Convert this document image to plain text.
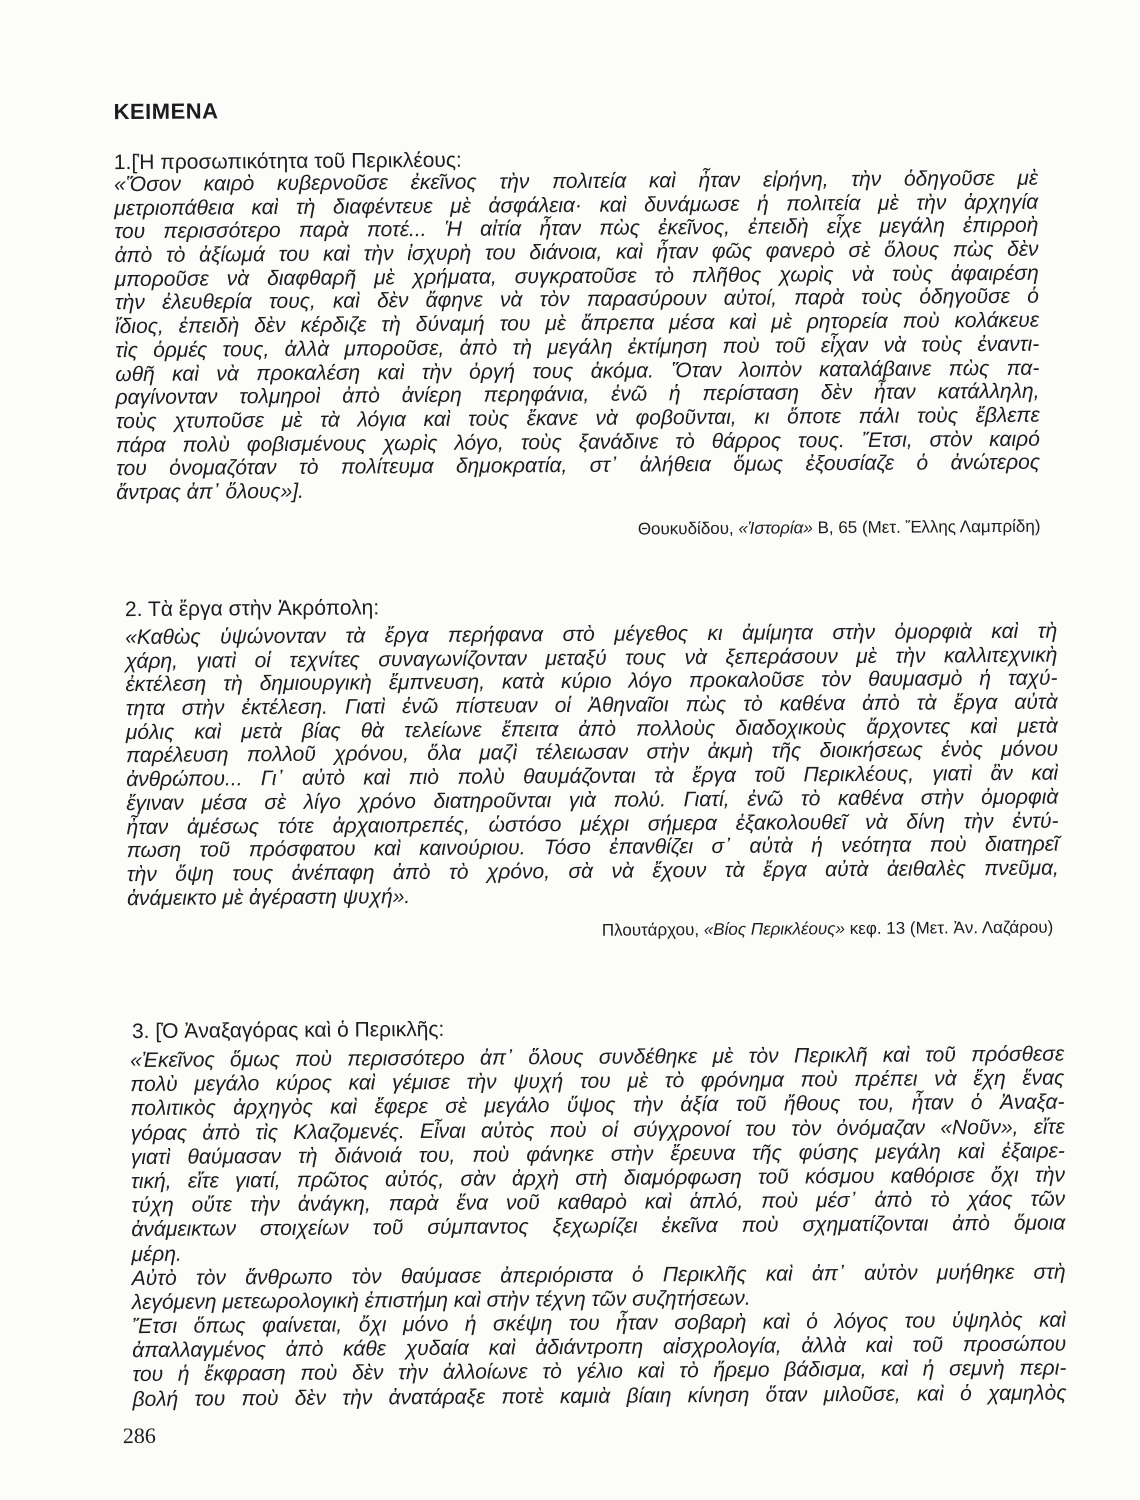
ΚΕΙΜΕΝΑ
1.[Ἡ προσωπικότητα τοῦ Περικλέους:
«Ὅσον καιρὸ κυβερνοῦσε ἐκεῖνος τὴν πολιτεία καὶ ἦταν εἰρήνη, τὴν ὁδηγοῦσε μὲ
μετριοπάθεια καὶ τὴ διαφέντευε μὲ ἀσφάλεια· καὶ δυνάμωσε ἡ πολιτεία μὲ τὴν ἀρχηγία
του περισσότερο παρὰ ποτέ... Ἡ αἰτία ἦταν πὼς ἐκεῖνος, ἐπειδὴ εἶχε μεγάλη ἐπιρροὴ
ἀπὸ τὸ ἀξίωμά του καὶ τὴν ἰσχυρὴ του διάνοια, καὶ ἦταν φῶς φανερὸ σὲ ὅλους πὼς δὲν
μποροῦσε νὰ διαφθαρῆ μὲ χρήματα, συγκρατοῦσε τὸ πλῆθος χωρὶς νὰ τοὺς ἀφαιρέση
τὴν ἐλευθερία τους, καὶ δὲν ἄφηνε νὰ τὸν παρασύρουν αὐτοί, παρὰ τοὺς ὁδηγοῦσε ὁ
ἴδιος, ἐπειδὴ δὲν κέρδιζε τὴ δύναμή του μὲ ἄπρεπα μέσα καὶ μὲ ρητορεία ποὺ κολάκευε
τὶς ὁρμές τους, ἀλλὰ μποροῦσε, ἀπὸ τὴ μεγάλη ἐκτίμηση ποὺ τοῦ εἶχαν νὰ τοὺς ἐναντι-
ωθῆ καὶ νὰ προκαλέση καὶ τὴν ὀργή τους ἀκόμα. Ὅταν λοιπὸν καταλάβαινε πὼς πα-
ραγίνονταν τολμηροὶ ἀπὸ ἀνίερη περηφάνια, ἐνῶ ἡ περίσταση δὲν ἦταν κατάλληλη,
τοὺς χτυποῦσε μὲ τὰ λόγια καὶ τοὺς ἔκανε νὰ φοβοῦνται, κι ὅποτε πάλι τοὺς ἔβλεπε
πάρα πολὺ φοβισμένους χωρὶς λόγο, τοὺς ξανάδινε τὸ θάρρος τους. Ἔτσι, στὸν καιρό
του ὀνομαζόταν τὸ πολίτευμα δημοκρατία, στ᾽ ἀλήθεια ὅμως ἐξουσίαζε ὁ ἀνώτερος
ἄντρας ἀπ᾽ ὅλους»].
Θουκυδίδου, «Ἱστορία» Β, 65 (Μετ. Ἔλλης Λαμπρίδη)
2. Τὰ ἔργα στὴν Ἀκρόπολη:
«Καθὼς ὑψώνονταν τὰ ἔργα περήφανα στὸ μέγεθος κι ἀμίμητα στὴν ὀμορφιὰ καὶ τὴ
χάρη, γιατὶ οἱ τεχνίτες συναγωνίζονταν μεταξύ τους νὰ ξεπεράσουν μὲ τὴν καλλιτεχνικὴ
ἐκτέλεση τὴ δημιουργικὴ ἔμπνευση, κατὰ κύριο λόγο προκαλοῦσε τὸν θαυμασμὸ ἡ ταχύ-
τητα στὴν ἐκτέλεση. Γιατὶ ἐνῶ πίστευαν οἱ Ἀθηναῖοι πὼς τὸ καθένα ἀπὸ τὰ ἔργα αὐτὰ
μόλις καὶ μετὰ βίας θὰ τελείωνε ἔπειτα ἀπὸ πολλοὺς διαδοχικοὺς ἄρχοντες καὶ μετὰ
παρέλευση πολλοῦ χρόνου, ὅλα μαζὶ τέλειωσαν στὴν ἀκμὴ τῆς διοικήσεως ἑνὸς μόνου
ἀνθρώπου... Γι᾽ αὐτὸ καὶ πιὸ πολὺ θαυμάζονται τὰ ἔργα τοῦ Περικλέους, γιατὶ ἂν καὶ
ἔγιναν μέσα σὲ λίγο χρόνο διατηροῦνται γιὰ πολύ. Γιατί, ἐνῶ τὸ καθένα στὴν ὀμορφιὰ
ἦταν ἀμέσως τότε ἀρχαιοπρεπές, ὡστόσο μέχρι σήμερα ἐξακολουθεῖ νὰ δίνη τὴν ἐντύ-
πωση τοῦ πρόσφατου καὶ καινούριου. Τόσο ἐπανθίζει σ᾽ αὐτὰ ἡ νεότητα ποὺ διατηρεῖ
τὴν ὄψη τους ἀνέπαφη ἀπὸ τὸ χρόνο, σὰ νὰ ἔχουν τὰ ἔργα αὐτὰ ἀειθαλὲς πνεῦμα,
ἀνάμεικτο μὲ ἀγέραστη ψυχή».
Πλουτάρχου, «Βίος Περικλέους» κεφ. 13 (Μετ. Ἀν. Λαζάρου)
3. [Ὁ Ἀναξαγόρας καὶ ὁ Περικλῆς:
«Ἐκεῖνος ὅμως ποὺ περισσότερο ἀπ᾽ ὅλους συνδέθηκε μὲ τὸν Περικλῆ καὶ τοῦ πρόσθεσε
πολὺ μεγάλο κύρος καὶ γέμισε τὴν ψυχή του μὲ τὸ φρόνημα ποὺ πρέπει νὰ ἔχη ἕνας
πολιτικὸς ἀρχηγὸς καὶ ἔφερε σὲ μεγάλο ὕψος τὴν ἀξία τοῦ ἤθους του, ἦταν ὁ Ἀναξα-
γόρας ἀπὸ τὶς Κλαζομενές. Εἶναι αὐτὸς ποὺ οἱ σύγχρονοί του τὸν ὀνόμαζαν «Νοῦν», εἴτε
γιατὶ θαύμασαν τὴ διάνοιά του, ποὺ φάνηκε στὴν ἔρευνα τῆς φύσης μεγάλη καὶ ἐξαιρε-
τική, εἴτε γιατί, πρῶτος αὐτός, σὰν ἀρχὴ στὴ διαμόρφωση τοῦ κόσμου καθόρισε ὄχι τὴν
τύχη οὔτε τὴν ἀνάγκη, παρὰ ἕνα νοῦ καθαρὸ καὶ ἁπλό, ποὺ μέσ᾽ ἀπὸ τὸ χάος τῶν
ἀνάμεικτων στοιχείων τοῦ σύμπαντος ξεχωρίζει ἐκεῖνα ποὺ σχηματίζονται ἀπὸ ὅμοια
μέρη.
Αὐτὸ τὸν ἄνθρωπο τὸν θαύμασε ἀπεριόριστα ὁ Περικλῆς καὶ ἀπ᾽ αὐτὸν μυήθηκε στὴ
λεγόμενη μετεωρολογικὴ ἐπιστήμη καὶ στὴν τέχνη τῶν συζητήσεων.
Ἔτσι ὅπως φαίνεται, ὄχι μόνο ἡ σκέψη του ἦταν σοβαρὴ καὶ ὁ λόγος του ὑψηλὸς καὶ
ἀπαλλαγμένος ἀπὸ κάθε χυδαία καὶ ἀδιάντροπη αἰσχρολογία, ἀλλὰ καὶ τοῦ προσώπου
του ἡ ἔκφραση ποὺ δὲν τὴν ἀλλοίωνε τὸ γέλιο καὶ τὸ ἤρεμο βάδισμα, καὶ ἡ σεμνὴ περι-
βολή του ποὺ δὲν τὴν ἀνατάραξε ποτὲ καμιὰ βίαιη κίνηση ὅταν μιλοῦσε, καὶ ὁ χαμηλὸς
286
